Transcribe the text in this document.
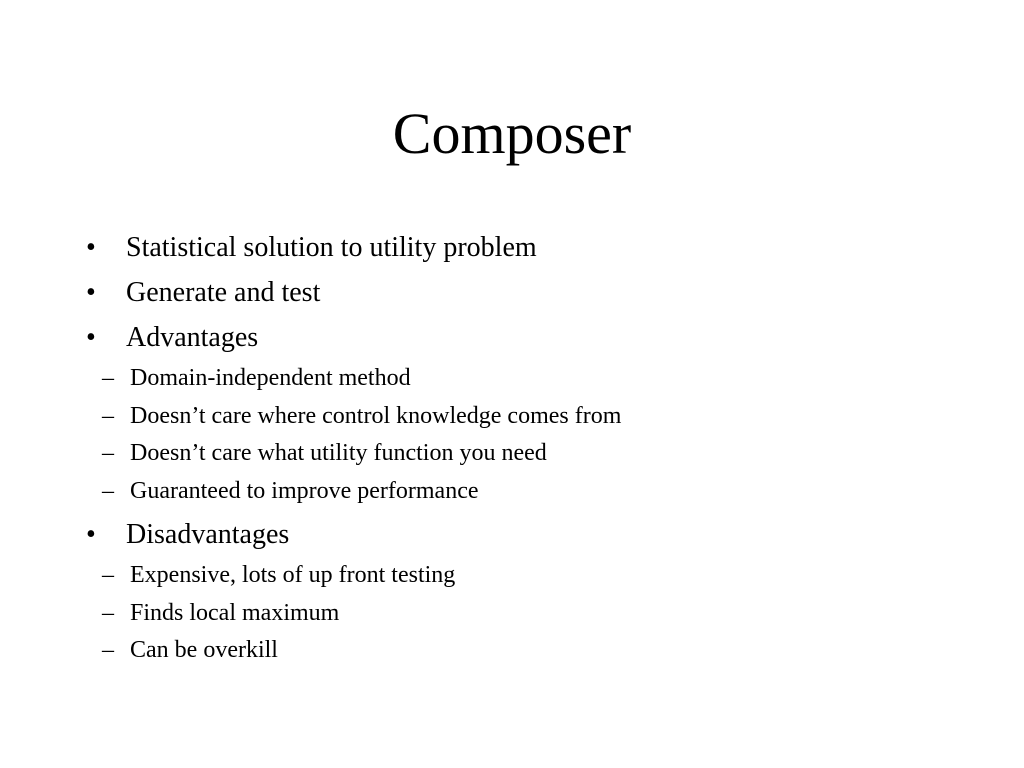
Composer
•	Statistical solution to utility problem
•	Generate and test
•	Advantages
– Domain-independent method
– Doesn’t care where control knowledge comes from
– Doesn’t care what utility function you need
– Guaranteed to improve performance
•	Disadvantages
– Expensive, lots of up front testing
– Finds local maximum
– Can be overkill
